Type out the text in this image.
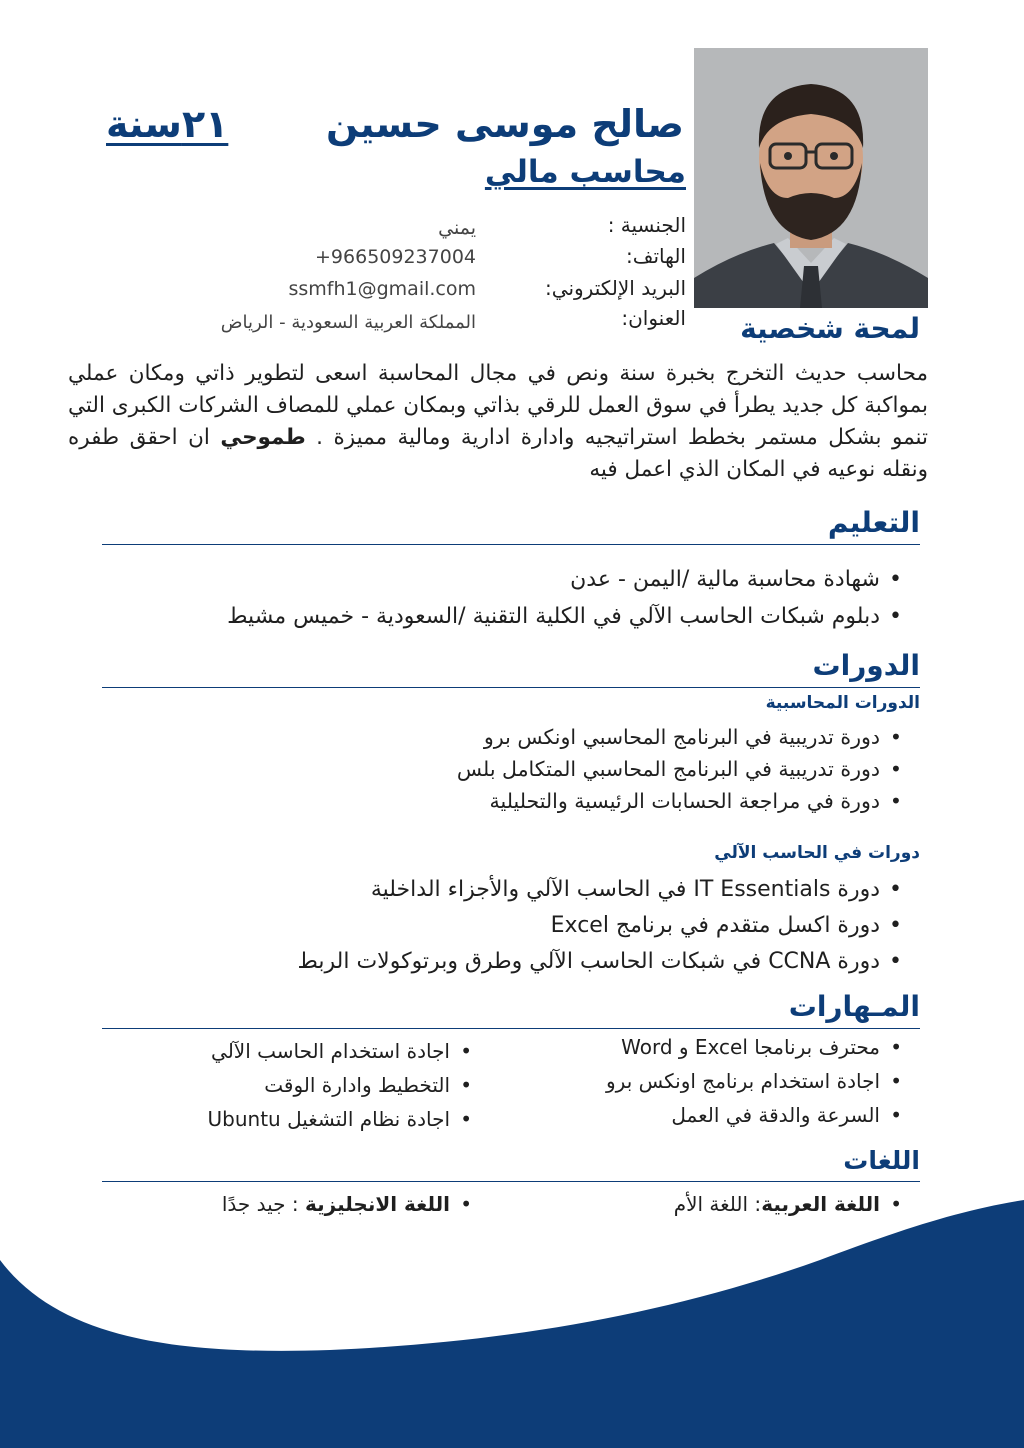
صالح موسى حسين
٢١سنة
محاسب مالي
الجنسية :
يمني
الهاتف:
+966509237004
البريد الإلكتروني:
ssmfh1@gmail.com
العنوان:
المملكة العربية السعودية - الرياض	لمحة شخصية
محاسب حديث التخرج بخبرة سنة ونص في مجال المحاسبة اسعى لتطوير ذاتي ومكان عملي بمواكبة كل جديد يطرأ في سوق العمل للرقي بذاتي وبمكان عملي للمصاف الشركات الكبرى التي تنمو بشكل مستمر بخطط استراتيجيه وادارة ادارية ومالية مميزة . طموحي ان احقق طفره ونقله نوعيه في المكان الذي اعمل فيه
التعليم
• شهادة محاسبة مالية /اليمن - عدن
• دبلوم شبكات الحاسب الآلي في الكلية التقنية /السعودية - خميس مشيط
الدورات
الدورات المحاسبية
• دورة تدريبية في البرنامج المحاسبي اونكس برو
• دورة تدريبية في البرنامج المحاسبي المتكامل بلس
• دورة في مراجعة الحسابات الرئيسية والتحليلية
دورات في الحاسب الآلي
• دورة IT Essentials في الحاسب الآلي والأجزاء الداخلية
• دورة اكسل متقدم في برنامج Excel
• دورة CCNA في شبكات الحاسب الآلي وطرق وبرتوكولات الربط
المـهارات
• محترف برنامجا Excel و Word
• اجادة استخدام برنامج اونكس برو
• السرعة والدقة في العمل
• اجادة استخدام الحاسب الآلي
• التخطيط وادارة الوقت
• اجادة نظام التشغيل Ubuntu
اللغات
• اللغة العربية: اللغة الأم
• اللغة الانجليزية : جيد جدًا
